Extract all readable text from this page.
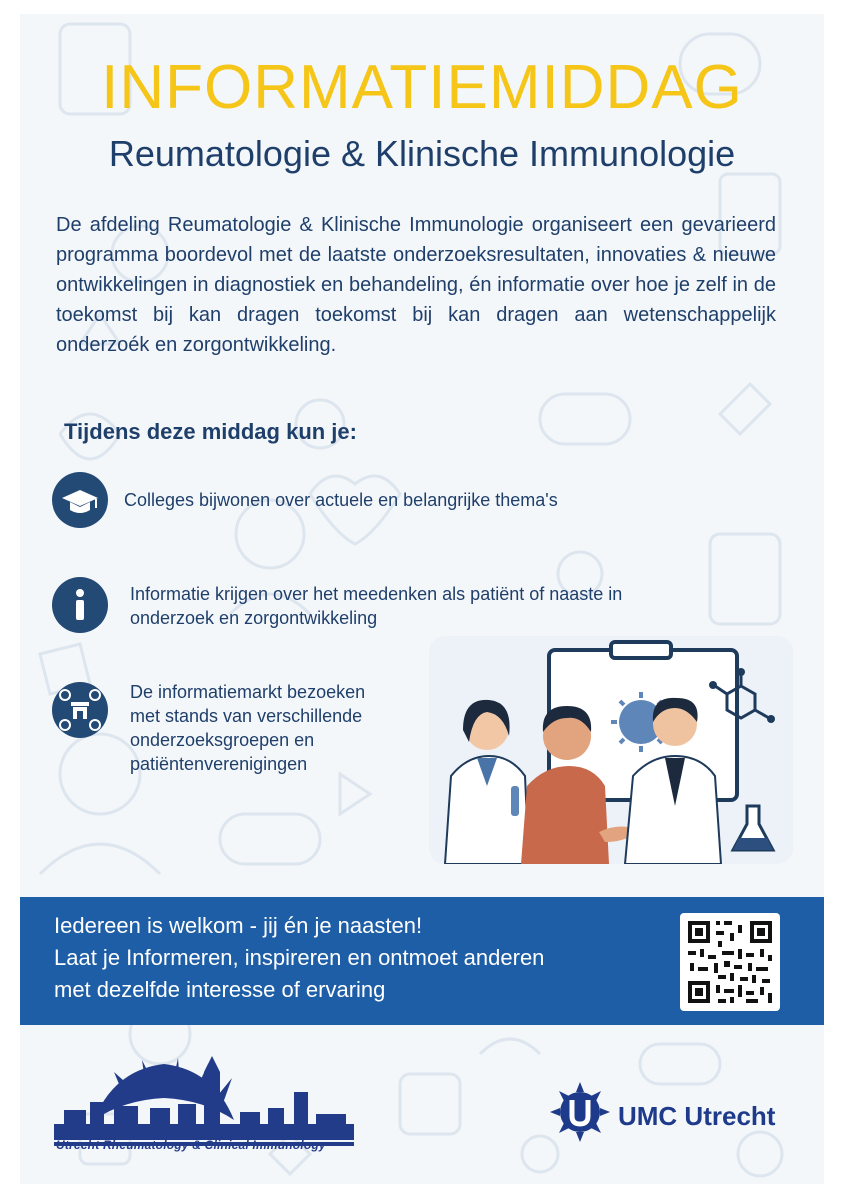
INFORMATIEMIDDAG
Reumatologie & Klinische Immunologie

De afdeling Reumatologie & Klinische Immunologie organiseert een gevarieerd programma boordevol met de laatste onderzoeksresultaten, innovaties & nieuwe ontwikkelingen in diagnostiek en behandeling, én informatie over hoe je zelf in de toekomst bij kan dragen toekomst bij kan dragen aan wetenschappelijk onderzoék en zorgontwikkeling.

Tijdens deze middag kun je:

Colleges bijwonen over actuele en belangrijke thema's

Informatie krijgen over het meedenken als patiënt of naaste in
onderzoek en zorgontwikkeling

De informatiemarkt bezoeken
met stands van verschillende
onderzoeksgroepen en
patiëntenverenigingen

Iedereen is welkom - jij én je naasten!

Laat je Informeren, inspireren en ontmoet anderen

met dezelfde interesse of ervaring

Utrecht Rheumatology & Clinical Immunology
UMC Utrecht
